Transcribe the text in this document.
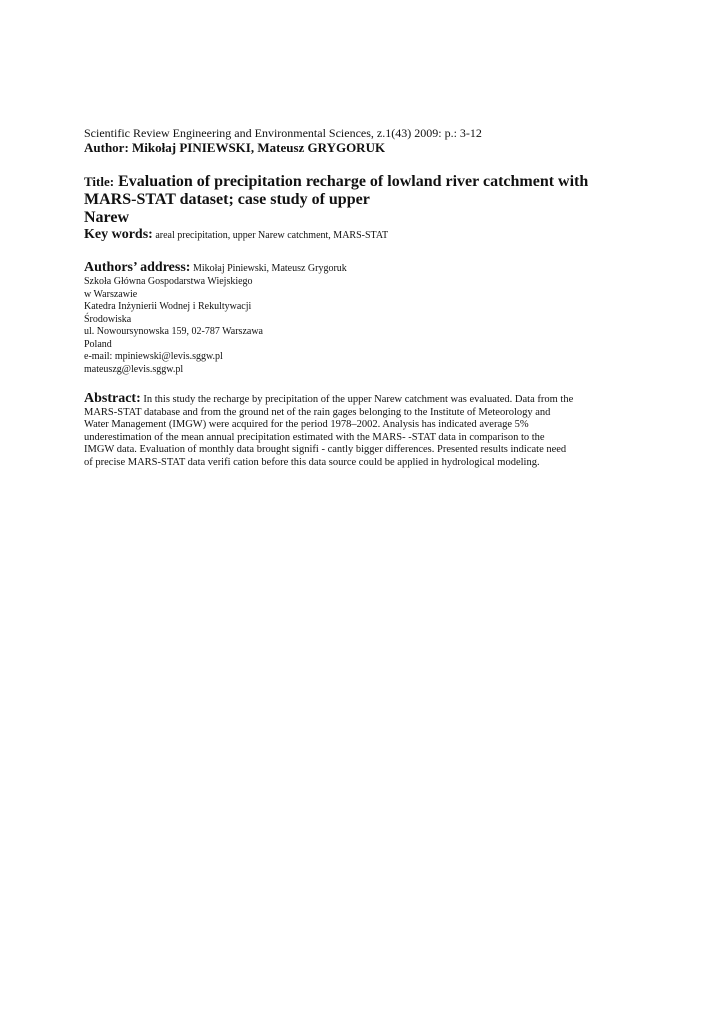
Scientific Review Engineering and Environmental Sciences, z.1(43) 2009: p.: 3-12
Author: Mikołaj PINIEWSKI, Mateusz GRYGORUK
Title: Evaluation of precipitation recharge of lowland river catchment with
MARS-STAT dataset; case study of upper
Narew
Key words: areal precipitation, upper Narew catchment, MARS-STAT
Authors’ address: Mikołaj Piniewski, Mateusz Grygoruk
Szkoła Główna Gospodarstwa Wiejskiego
w Warszawie
Katedra Inżynierii Wodnej i Rekultywacji
Środowiska
ul. Nowoursynowska 159, 02-787 Warszawa
Poland
e-mail: mpiniewski@levis.sggw.pl
mateuszg@levis.sggw.pl
Abstract: In this study the recharge by precipitation of the upper Narew catchment was evaluated. Data from the
MARS-STAT database and from the ground net of the rain gages belonging to the Institute of Meteorology and
Water Management (IMGW) were acquired for the period 1978–2002. Analysis has indicated average 5%
underestimation of the mean annual precipitation estimated with the MARS- -STAT data in comparison to the
IMGW data. Evaluation of monthly data brought signifi - cantly bigger differences. Presented results indicate need
of precise MARS-STAT data verifi cation before this data source could be applied in hydrological modeling.
